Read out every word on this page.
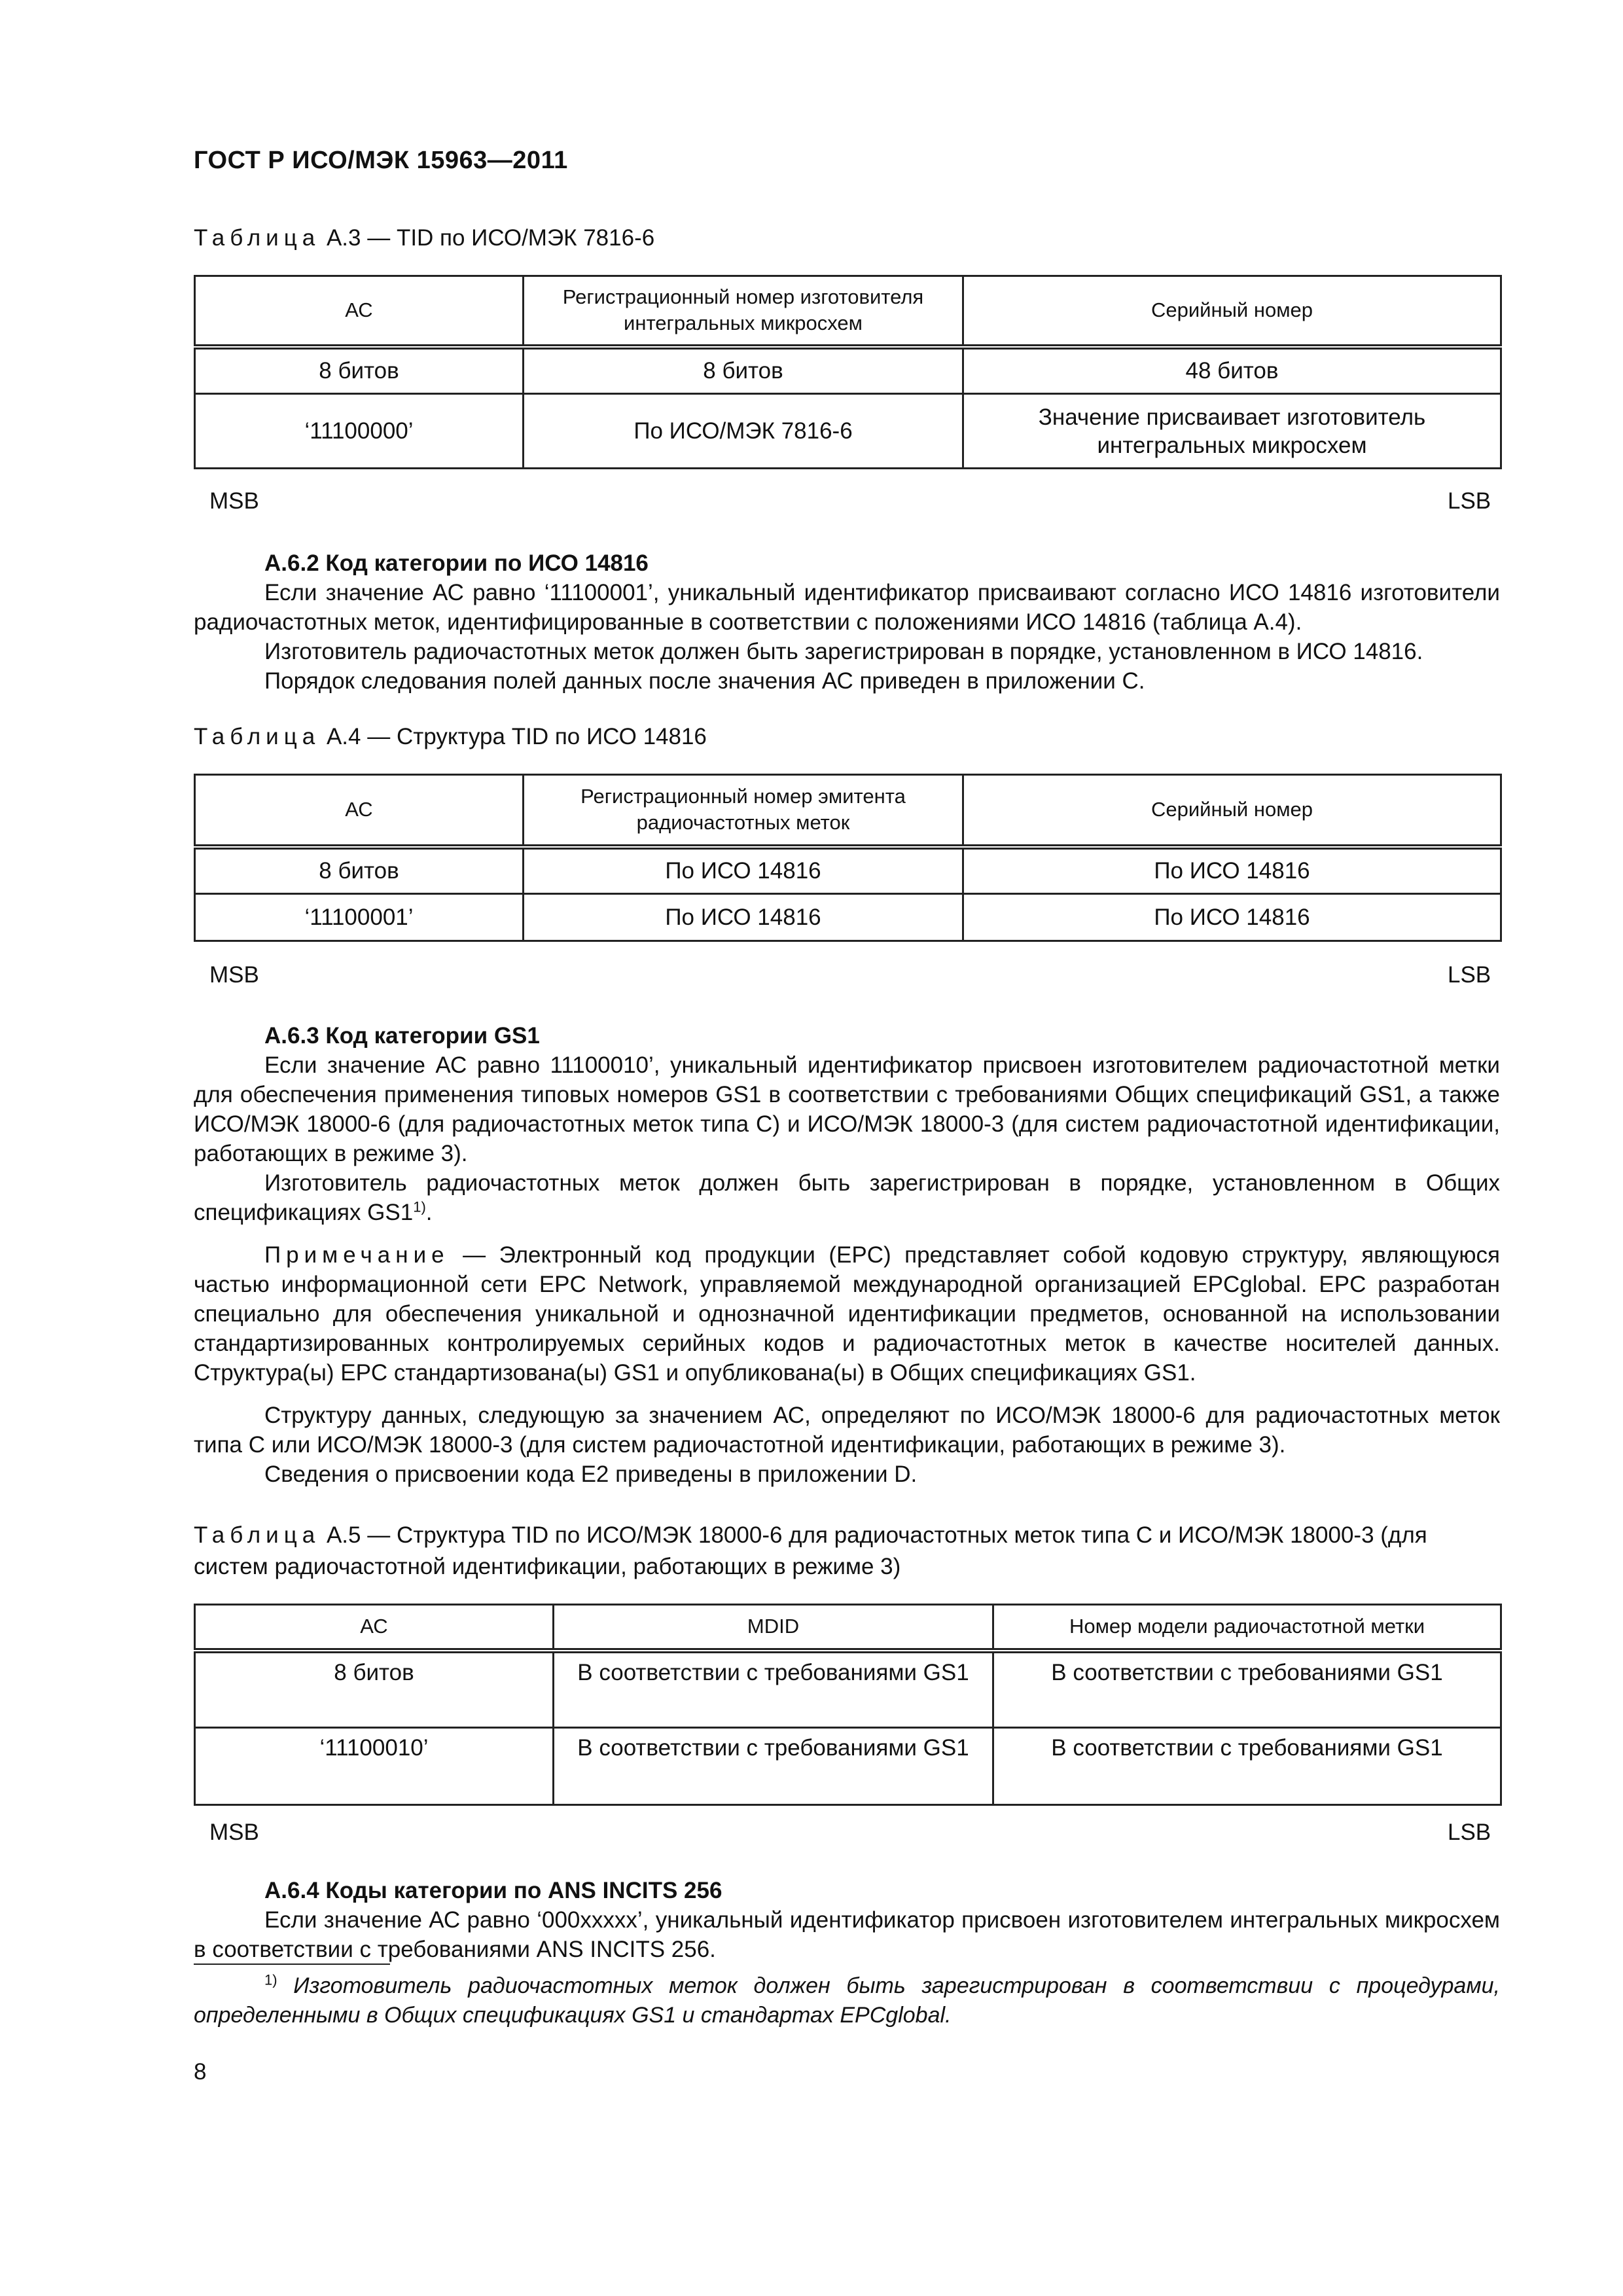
ГОСТ Р ИСО/МЭК 15963—2011
Таблица А.3 — TID по ИСО/МЭК 7816-6
АС	Регистрационный номер изготовителя интегральных микросхем	Серийный номер
8 битов	8 битов	48 битов
‘11100000’	По ИСО/МЭК 7816-6	Значение присваивает изготовитель интегральных микросхем
MSB	LSB
А.6.2 Код категории по ИСО 14816

Если значение АС равно ‘11100001’, уникальный идентификатор присваивают согласно ИСО 14816 изготовители радиочастотных меток, идентифицированные в соответствии с положениями ИСО 14816 (таблица А.4).

Изготовитель радиочастотных меток должен быть зарегистрирован в порядке, установленном в ИСО 14816.

Порядок следования полей данных после значения АС приведен в приложении С.

Таблица А.4 — Структура TID по ИСО 14816
АС	Регистрационный номер эмитента радиочастотных меток	Серийный номер
8 битов	По ИСО 14816	По ИСО 14816
‘11100001’	По ИСО 14816	По ИСО 14816
MSB	LSB
А.6.3 Код категории GS1

Если значение АС равно 11100010’, уникальный идентификатор присвоен изготовителем радиочастотной метки для обеспечения применения типовых номеров GS1 в соответствии с требованиями Общих спецификаций GS1, а также ИСО/МЭК 18000-6 (для радиочастотных меток типа С) и ИСО/МЭК 18000-3 (для систем радиочастотной идентификации, работающих в режиме 3).

Изготовитель радиочастотных меток должен быть зарегистрирован в порядке, установленном в Общих спецификациях GS1$^{1)}$.

Примечание — Электронный код продукции (EPC) представляет собой кодовую структуру, являющуюся частью информационной сети EPC Network, управляемой международной организацией EPCglobal. EPC разработан специально для обеспечения уникальной и однозначной идентификации предметов, основанной на использовании стандартизированных контролируемых серийных кодов и радиочастотных меток в качестве носителей данных. Структура(ы) EPC стандартизована(ы) GS1 и опубликована(ы) в Общих спецификациях GS1.

Структуру данных, следующую за значением АС, определяют по ИСО/МЭК 18000-6 для радиочастотных меток типа С или ИСО/МЭК 18000-3 (для систем радиочастотной идентификации, работающих в режиме 3).

Сведения о присвоении кода Е2 приведены в приложении D.

Таблица А.5 — Структура TID по ИСО/МЭК 18000-6 для радиочастотных меток типа С и ИСО/МЭК 18000-3 (для систем радиочастотной идентификации, работающих в режиме 3)
АС	MDID	Номер модели радиочастотной метки
8 битов	В соответствии с требованиями GS1	В соответствии с требованиями GS1
‘11100010’	В соответствии с требованиями GS1	В соответствии с требованиями GS1
MSB	LSB
А.6.4 Коды категории по ANS INCITS 256

Если значение АС равно ‘000xxxxx’, уникальный идентификатор присвоен изготовителем интегральных микросхем в соответствии с требованиями ANS INCITS 256.

$^{1)}$ Изготовитель радиочастотных меток должен быть зарегистрирован в соответствии с процедурами, определенными в Общих спецификациях GS1 и стандартах EPCglobal.
8
